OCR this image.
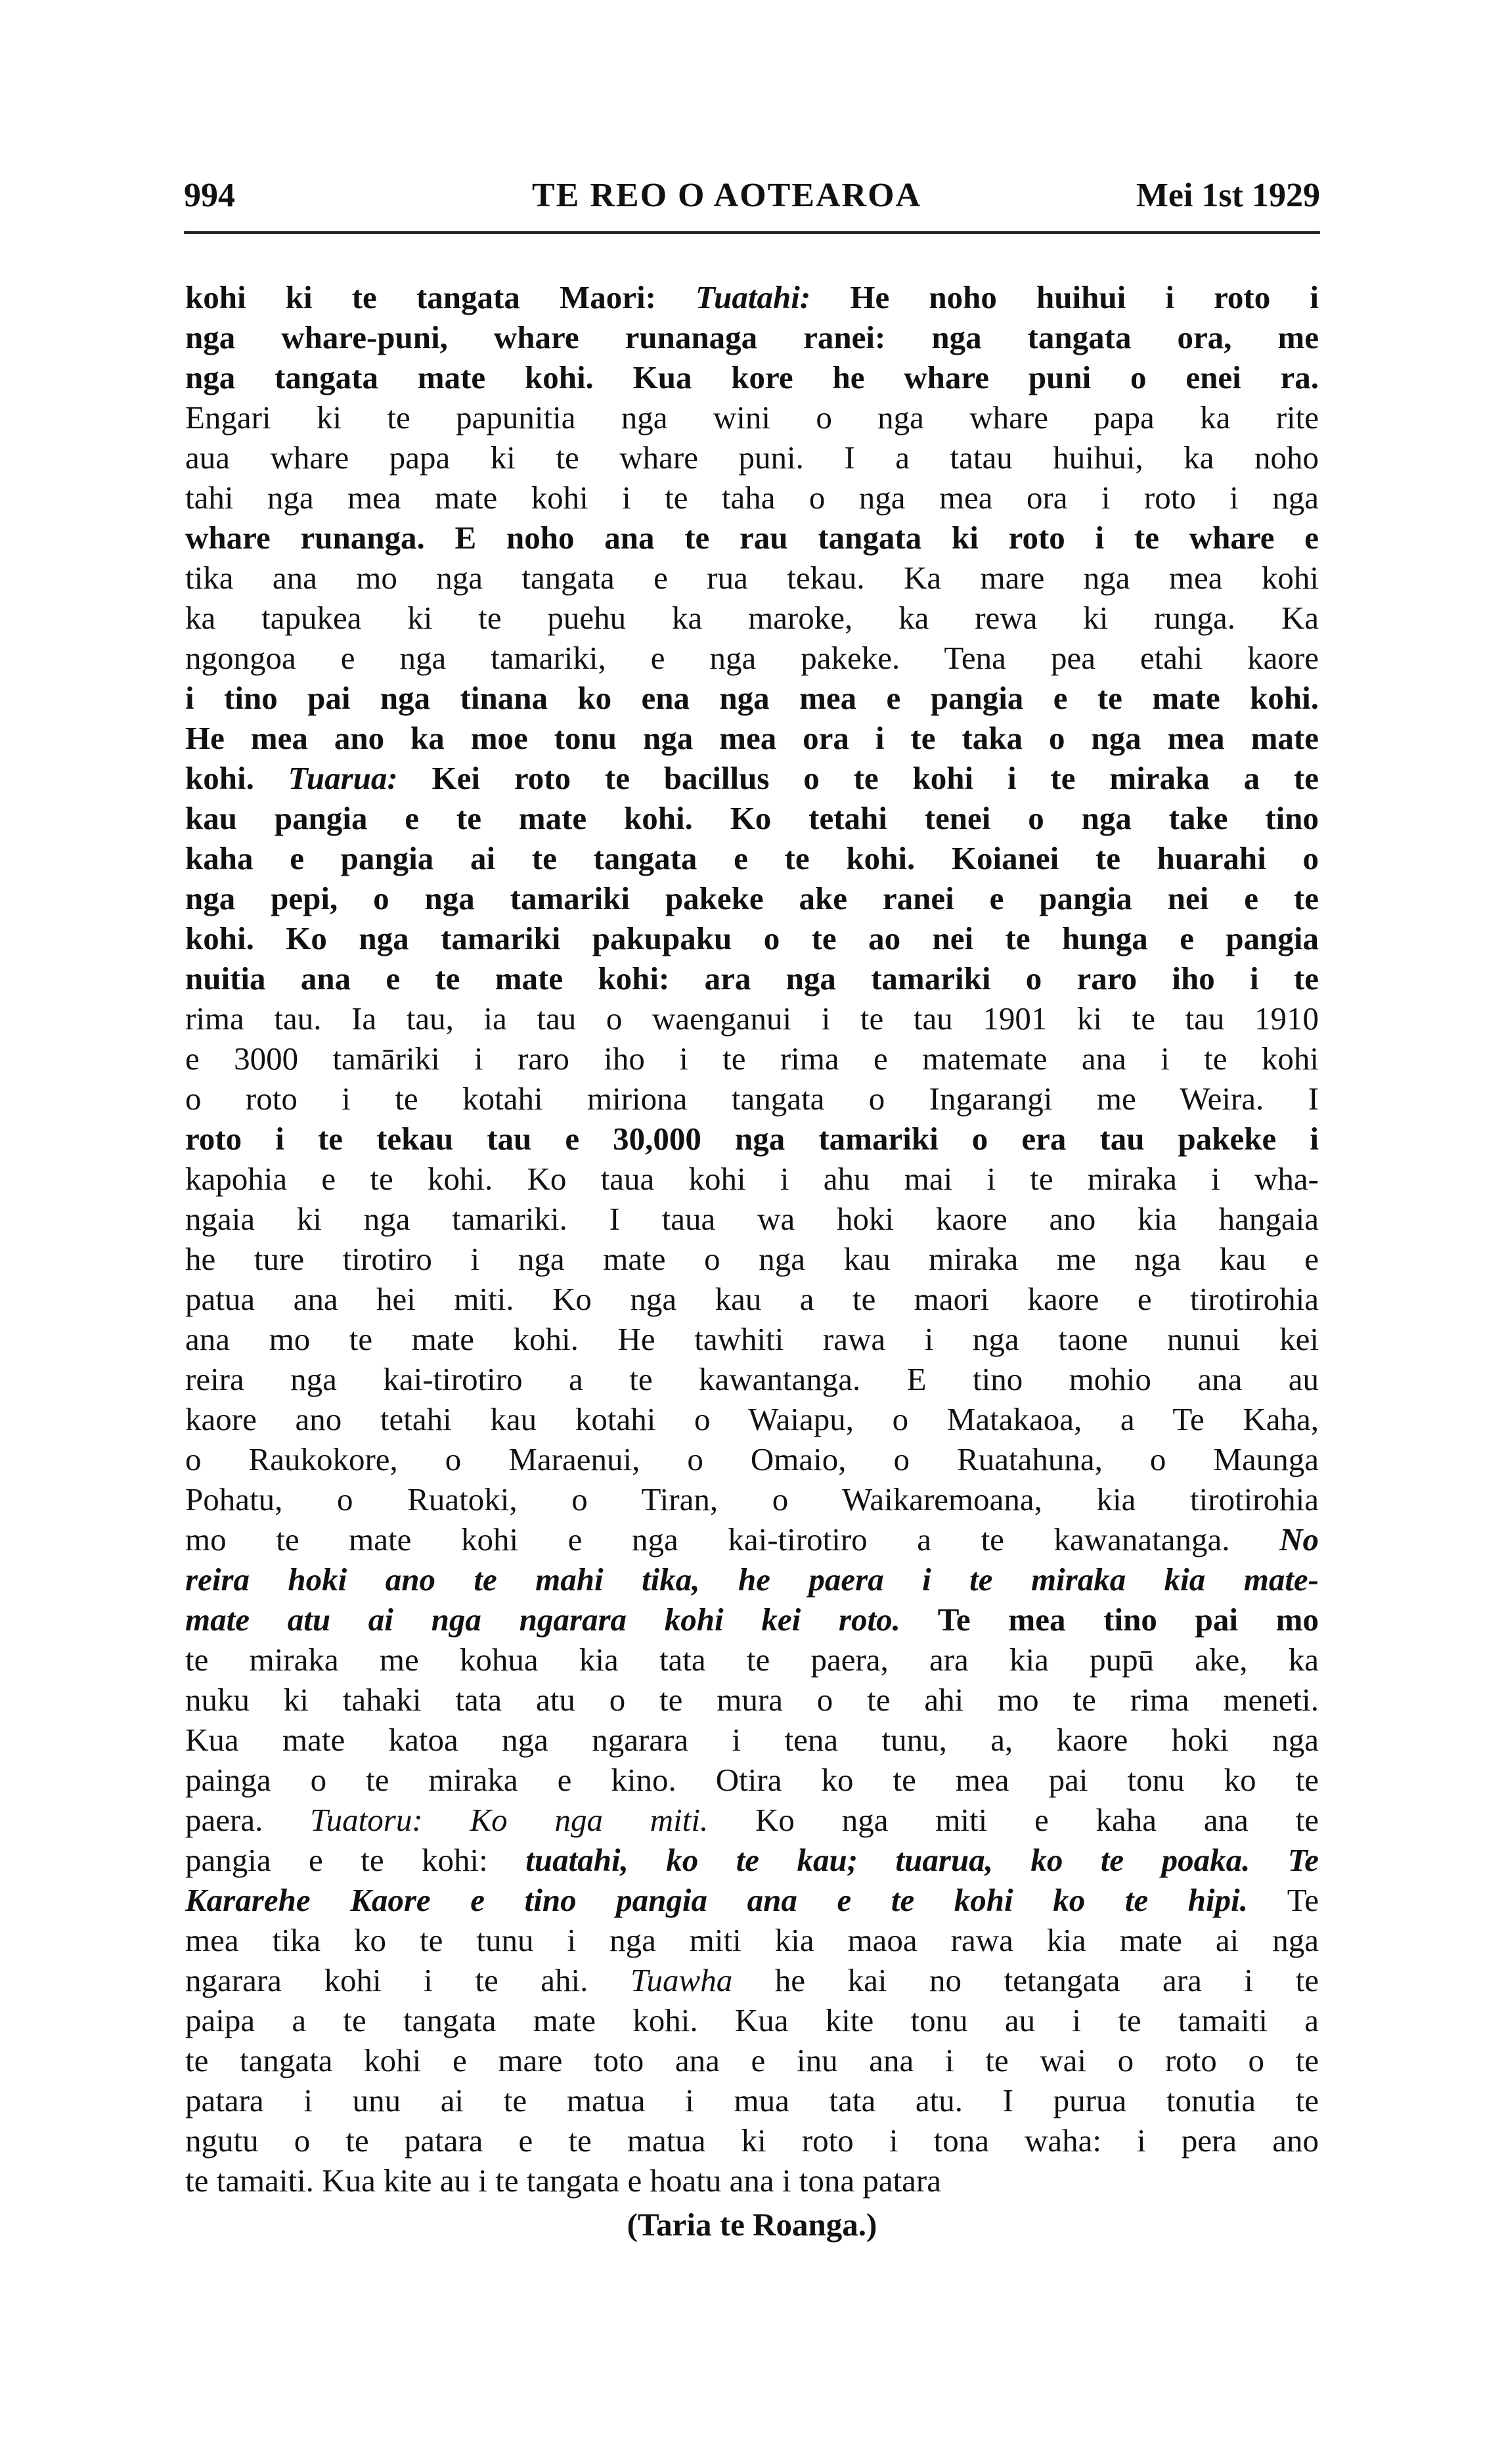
994	TE REO O AOTEAROA	Mei 1st 1929
kohi ki te tangata Maori: Tuatahi: He noho huihui i roto i
nga whare-puni, whare runanaga ranei: nga tangata ora, me
nga tangata mate kohi. Kua kore he whare puni o enei ra.
Engari ki te papunitia nga wini o nga whare papa ka rite
aua whare papa ki te whare puni. I a tatau huihui, ka noho
tahi nga mea mate kohi i te taha o nga mea ora i roto i nga
whare runanga. E noho ana te rau tangata ki roto i te whare e
tika ana mo nga tangata e rua tekau. Ka mare nga mea kohi
ka tapukea ki te puehu ka maroke, ka rewa ki runga. Ka
ngongoa e nga tamariki, e nga pakeke. Tena pea etahi kaore
i tino pai nga tinana ko ena nga mea e pangia e te mate kohi.
He mea ano ka moe tonu nga mea ora i te taka o nga mea mate
kohi. Tuarua: Kei roto te bacillus o te kohi i te miraka a te
kau pangia e te mate kohi. Ko tetahi tenei o nga take tino
kaha e pangia ai te tangata e te kohi. Koianei te huarahi o
nga pepi, o nga tamariki pakeke ake ranei e pangia nei e te
kohi. Ko nga tamariki pakupaku o te ao nei te hunga e pangia
nuitia ana e te mate kohi: ara nga tamariki o raro iho i te
rima tau. Ia tau, ia tau o waenganui i te tau 1901 ki te tau 1910
e 3000 tamāriki i raro iho i te rima e matemate ana i te kohi
o roto i te kotahi miriona tangata o Ingarangi me Weira. I
roto i te tekau tau e 30,000 nga tamariki o era tau pakeke i
kapohia e te kohi. Ko taua kohi i ahu mai i te miraka i wha-
ngaia ki nga tamariki. I taua wa hoki kaore ano kia hangaia
he ture tirotiro i nga mate o nga kau miraka me nga kau e
patua ana hei miti. Ko nga kau a te maori kaore e tirotirohia
ana mo te mate kohi. He tawhiti rawa i nga taone nunui kei
reira nga kai-tirotiro a te kawantanga. E tino mohio ana au
kaore ano tetahi kau kotahi o Waiapu, o Matakaoa, a Te Kaha,
o Raukokore, o Maraenui, o Omaio, o Ruatahuna, o Maunga
Pohatu, o Ruatoki, o Tiran, o Waikaremoana, kia tirotirohia
mo te mate kohi e nga kai-tirotiro a te kawanatanga. No
reira hoki ano te mahi tika, he paera i te miraka kia mate-
mate atu ai nga ngarara kohi kei roto. Te mea tino pai mo
te miraka me kohua kia tata te paera, ara kia pupū ake, ka
nuku ki tahaki tata atu o te mura o te ahi mo te rima meneti.
Kua mate katoa nga ngarara i tena tunu, a, kaore hoki nga
painga o te miraka e kino. Otira ko te mea pai tonu ko te
paera. Tuatoru: Ko nga miti. Ko nga miti e kaha ana te
pangia e te kohi: tuatahi, ko te kau; tuarua, ko te poaka. Te
Kararehe Kaore e tino pangia ana e te kohi ko te hipi. Te
mea tika ko te tunu i nga miti kia maoa rawa kia mate ai nga
ngarara kohi i te ahi. Tuawha he kai no tetangata ara i te
paipa a te tangata mate kohi. Kua kite tonu au i te tamaiti a
te tangata kohi e mare toto ana e inu ana i te wai o roto o te
patara i unu ai te matua i mua tata atu. I purua tonutia te
ngutu o te patara e te matua ki roto i tona waha: i pera ano
te tamaiti. Kua kite au i te tangata e hoatu ana i tona patara
(Taria te Roanga.)
